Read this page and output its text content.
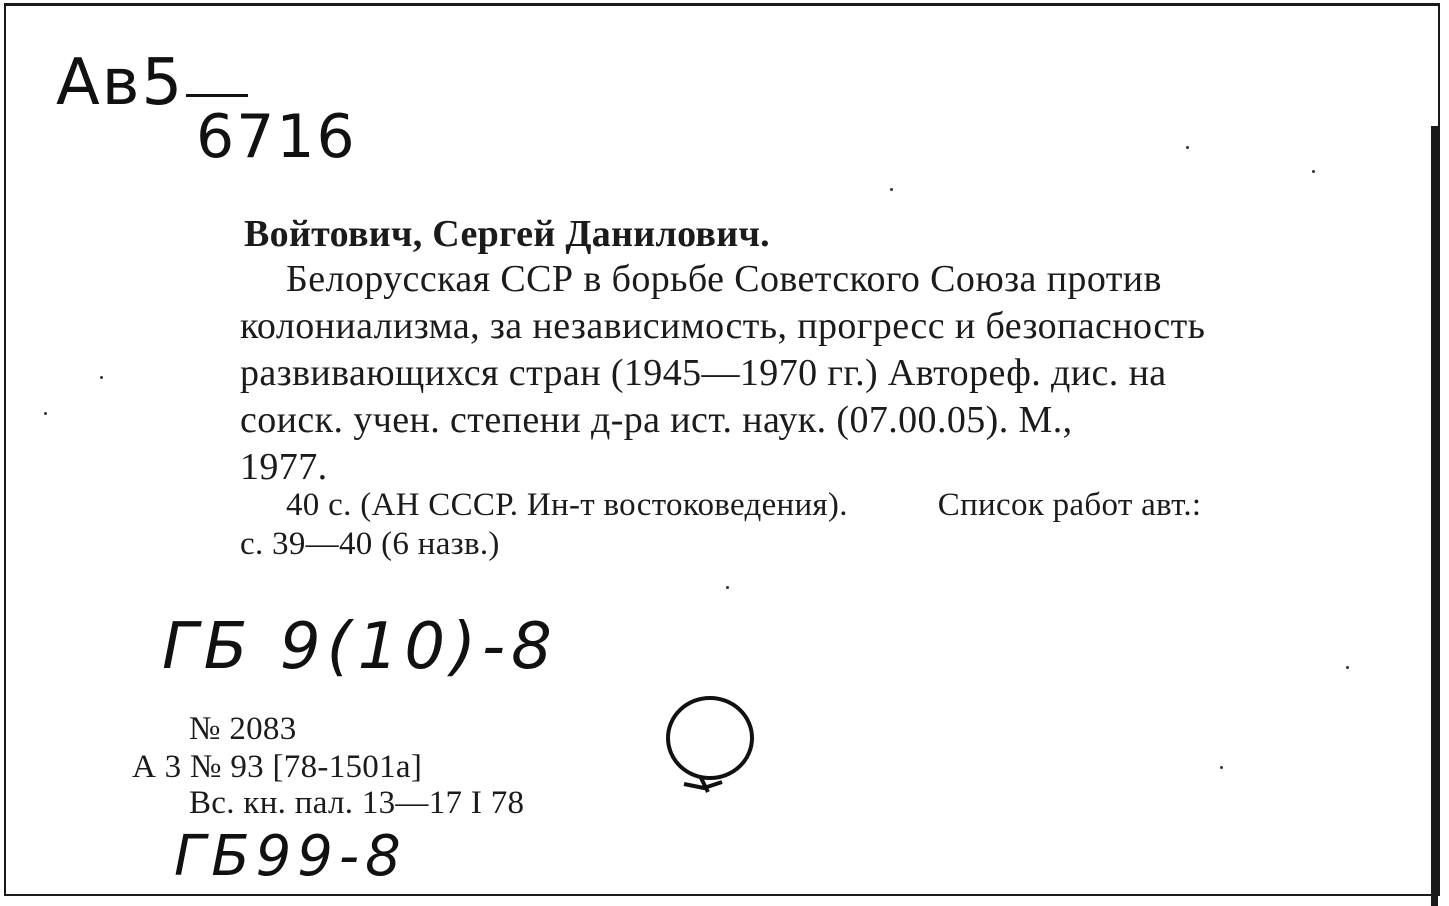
Aв5
6716
Войтович, Сергей Данилович.
Белорусская ССР в борьбе Советского Союза против
колониализма, за независимость, прогресс и безопасность
развивающихся стран (1945—1970 гг.) Автореф. дис. на
соиск. учен. степени д-ра ист. наук. (07.00.05). М.,
1977.
40 с. (АН СССР. Ин-т востоковедения).	Список работ авт.:
с. 39—40 (6 назв.)
ГБ 9(10)-8
№ 2083
А 3 № 93 [78-1501а]
Вс. кн. пал. 13—17 I 78
ГБ99-8
